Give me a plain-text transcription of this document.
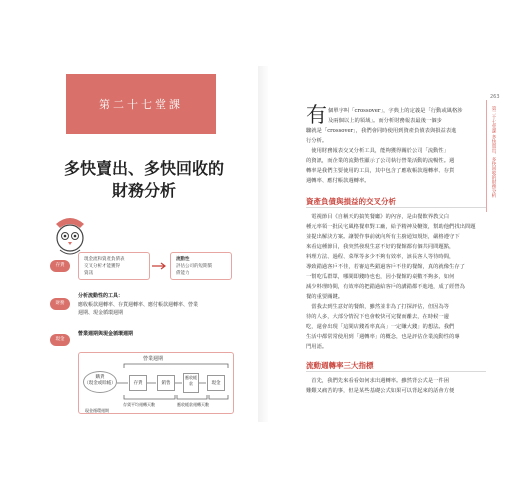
第二十七堂課
多快賣出、多快回收的
財務分析
存貨
現金流和資產負債表
交叉分析才能獲得
資訊
流動性
評估公司的短期償
債能力
財務
分析流動性的工具：
應收帳款週轉率、存貨週轉率、應付帳款週轉率、營業
週期、現金循環週期
現金
營業週期與現金循環週期
營業週期
購貨
（現金或賒帳）	存貨	銷售
應收帳款	現金
存貨平均週轉天數	應收帳款週轉天數
現金循環週期
有 個單字叫「crossover」，字典上的定義是「行動或風格涉
及兩個以上的領域」。而分析財務報表最後一個步
驟就是「crossover」，我們會同時使用到資產負債表與損益表進
行分析。
　使用財務報表交叉分析工具，能夠獲得關於公司「流動性」
的資訊，而企業的流動性顯示了公司執行營業活動的流暢性。週
轉率是我們主要使用的工具，其中包含了應收帳款週轉率、存貨
週轉率、應付帳款週轉率。
資產負債與損益的交叉分析
　電視節目《自稱天的搞笑餐廳》的內容，是由餐飲界教父白
種元率領一批民宅風格餐車對工廠，給予精神及鞭策，幫助他們找出問題
並提出解決方案。讓製作事前就向所有主廚通知規矩，嚴格遵守下
來看這種節目，我突然發現生意不好的餐館都有個共同問題點，
料理方法、過程、菜單等多少不夠有效率，該長客人等待時間，
導致錯過客戶不佳，若審這些錯過客戶不佳的餐館，真的就像生存了
一幫吃瓜群眾，哪間即錢時也也，因小餐館的桌數不夠多，如何
減少料理時間，有效率的把錯過給客戶的講錯都不進地，成了經營為
餐的重要關鍵。
　當我去到生意好的餐館，雖然並非為了打探評估，但因為等
待的人多，大部分情況下也會較快可完餐而離去，在時候一邊
吃，還會出現「這間店錢希率真高」一定賺大錢」的想法。我們
生活中都常常使用到「週轉率」的概念，也是評估企業流動性的專
門用語。
流動週轉率三大指標
　首先，我們先來看看如何求出週轉率。雖然背公式是一件困
難艱又痛苦的事，但是某些基礎公式如果可以背起來的話會方便
263
第二十七堂課 多快賣出、多快回收的財務分析
